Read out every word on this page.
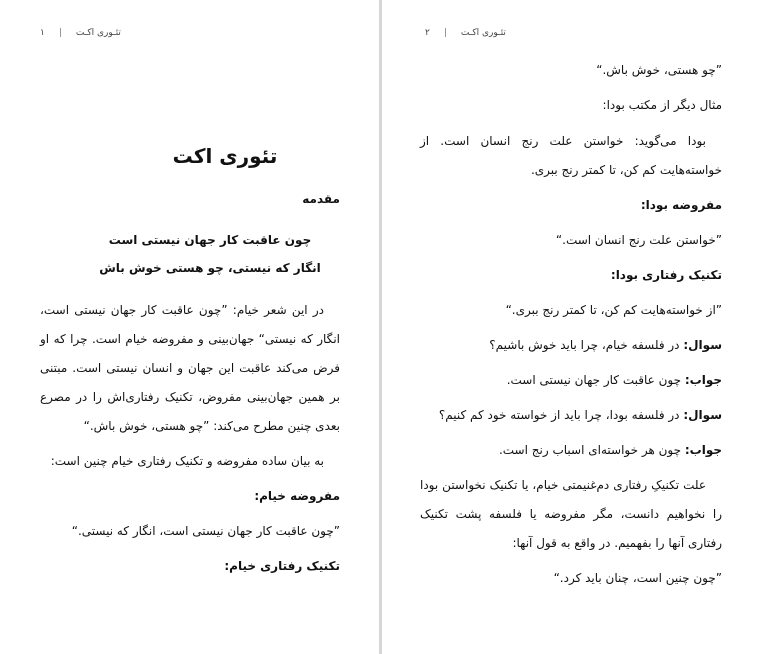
٢ | تئـوری اکـت

”چو هستی، خوش باش.“

مثال دیگر از مکتب بودا:

بودا می‌گوید: خواستن علت رنج انسان است. از خواسته‌هایت کم کن، تا کمتر رنج ببری.

مفروضه بودا:

”خواستن علت رنج انسان است.“

تکنیک رفتاری بودا:

”از خواسته‌هایت کم کن، تا کمتر رنج ببری.“

سوال: در فلسفه خیام، چرا باید خوش باشیم؟

جواب: چون عاقبت کار جهان نیستی است.

سوال: در فلسفه بودا، چرا باید از خواسته خود کم کنیم؟

جواب: چون هر خواسته‌ای اسباب رنج است.

علت تکنیکِ رفتاری دم‌غنیمتی خیام، یا تکنیک نخواستن بودا را نخواهیم دانست، مگر مفروضه یا فلسفه پشت تکنیک رفتاری آنها را بفهمیم. در واقع به قول آنها:

”چون چنین است، چنان باید کرد.“

١ | تئـوری اکـت
تئوری اکت

مقدمه

چون عاقبت کار جهان نیستی است
انگار که نیستی، چو هستی خوش باش

در این شعر خیام: ”چون عاقبت کار جهان نیستی است، انگار که نیستی“ جهان‌بینی و مفروضه خیام است. چرا که او فرض می‌کند عاقبت این جهان و انسان نیستی است. مبتنی بر همین جهان‌بینی مفروض، تکنیک رفتاری‌اش را در مصرع بعدی چنین مطرح می‌کند: ”چو هستی، خوش باش.“

به بیان ساده مفروضه و تکنیک رفتاری خیام چنین است:

مفروضه خیام:

”چون عاقبت کار جهان نیستی است، انگار که نیستی.“

تکنیک رفتاری خیام:
